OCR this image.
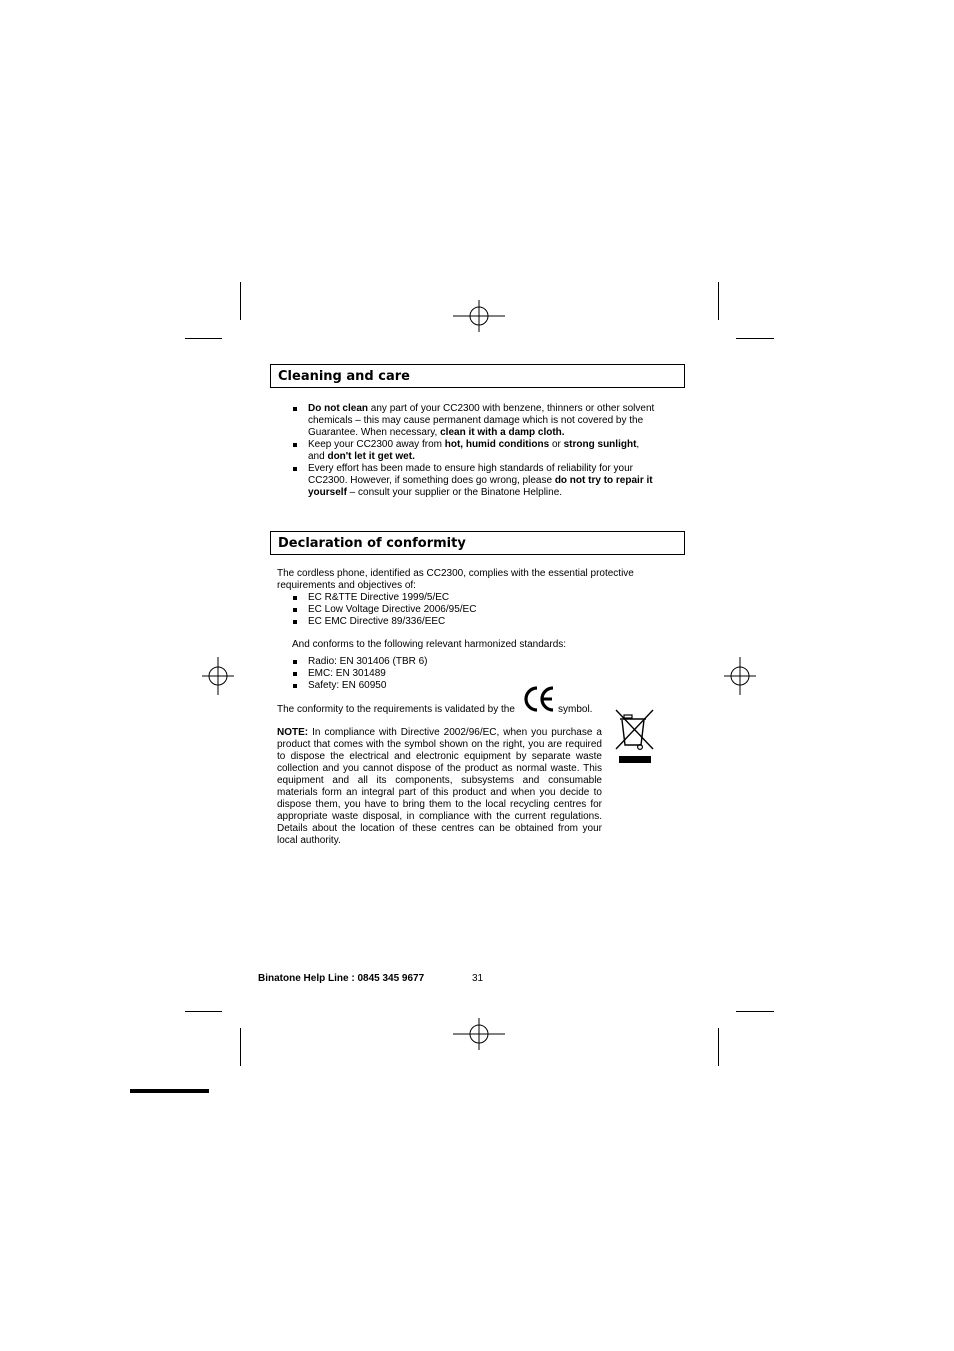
Cleaning and care
Do not clean any part of your CC2300 with benzene, thinners or other solvent chemicals – this may cause permanent damage which is not covered by the Guarantee. When necessary, clean it with a damp cloth.
Keep your CC2300 away from hot, humid conditions or strong sunlight, and don't let it get wet.
Every effort has been made to ensure high standards of reliability for your CC2300. However, if something does go wrong, please do not try to repair it yourself – consult your supplier or the Binatone Helpline.
Declaration of conformity
The cordless phone, identified as CC2300, complies with the essential protective requirements and objectives of:
EC R&TTE Directive 1999/5/EC
EC Low Voltage Directive 2006/95/EC
EC EMC Directive 89/336/EEC
And conforms to the following relevant harmonized standards:
Radio: EN 301406 (TBR 6)
EMC: EN 301489
Safety: EN 60950
The conformity to the requirements is validated by the	symbol.
NOTE: In compliance with Directive 2002/96/EC, when you purchase a product that comes with the symbol shown on the right, you are required to dispose the electrical and electronic equipment by separate waste collection and you cannot dispose of the product as normal waste. This equipment and all its components, subsystems and consumable materials form an integral part of this product and when you decide to dispose them, you have to bring them to the local recycling centres for appropriate waste disposal, in compliance with the current regulations. Details about the location of these centres can be obtained from your local authority.
Binatone Help Line : 0845 345 9677	31
